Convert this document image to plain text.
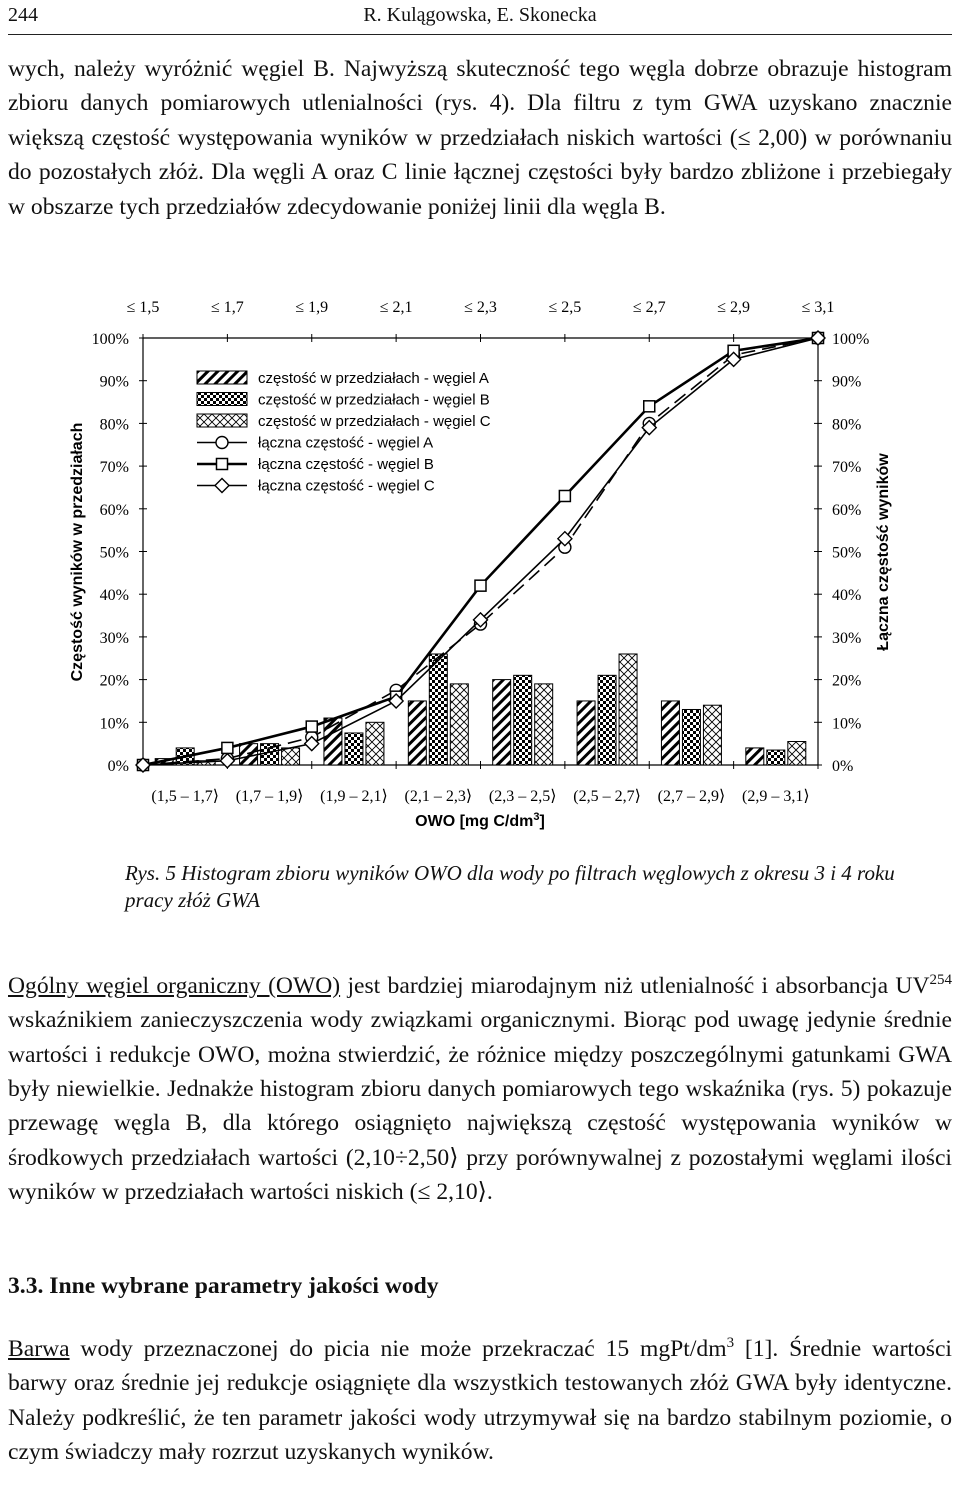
244	R. Kulągowska, E. Skonecka

wych, należy wyróżnić węgiel B. Najwyższą skuteczność tego węgla dobrze obrazuje histogram zbioru danych pomiarowych utlenialności (rys. 4). Dla filtru z tym GWA uzyskano znacznie większą częstość występowania wyników w przedziałach niskich wartości (≤ 2,00) w porównaniu do pozostałych złóż. Dla węgli A oraz C linie łącznej częstości były bardzo zbliżone i przebiegały w obszarze tych przedziałów zdecydowanie poniżej linii dla węgla B.

0%	0%
10%	10%
20%	20%
30%	30%
40%	40%
50%	50%
60%	60%
70%	70%
80%	80%
90%	90%
100%	100%
≤ 1,5	≤ 1,7	≤ 1,9	≤ 2,1	≤ 2,3	≤ 2,5	≤ 2,7	≤ 2,9	≤ 3,1
(1,5 – 1,7⟩ (1,7 – 1,9⟩ (1,9 – 2,1⟩ (2,1 – 2,3⟩ (2,3 – 2,5⟩ (2,5 – 2,7⟩ (2,7 – 2,9⟩ (2,9 – 3,1⟩
częstość w przedziałach - węgiel A
częstość w przedziałach - węgiel B
częstość w przedziałach - węgiel C
łączna częstość - węgiel A
łączna częstość - węgiel B
łączna częstość - węgiel C
Częstość wyników w przedziałach	Łączna częstość wyników
OWO [mg $C/dm^3$]
Rys. 5 Histogram zbioru wyników OWO dla wody po filtrach węglowych z okresu 3 i 4 roku pracy złóż GWA

Ogólny węgiel organiczny (OWO) jest bardziej miarodajnym niż utlenialność i absorbancja UV$^{254}$ wskaźnikiem zanieczyszczenia wody związkami organicznymi. Biorąc pod uwagę jedynie średnie wartości i redukcje OWO, można stwierdzić, że różnice między poszczególnymi gatunkami GWA były niewielkie. Jednakże histogram zbioru danych pomiarowych tego wskaźnika (rys. 5) pokazuje przewagę węgla B, dla którego osiągnięto największą częstość występowania wyników w środkowych przedziałach wartości (2,10÷2,50⟩ przy porównywalnej z pozostałymi węglami ilości wyników w przedziałach wartości niskich (≤ 2,10⟩.

3.3. Inne wybrane parametry jakości wody

Barwa wody przeznaczonej do picia nie może przekraczać 15 mgPt/$dm^3$ [1]. Średnie wartości barwy oraz średnie jej redukcje osiągnięte dla wszystkich testowanych złóż GWA były identyczne. Należy podkreślić, że ten parametr jakości wody utrzymywał się na bardzo stabilnym poziomie, o czym świadczy mały rozrzut uzyskanych wyników.
